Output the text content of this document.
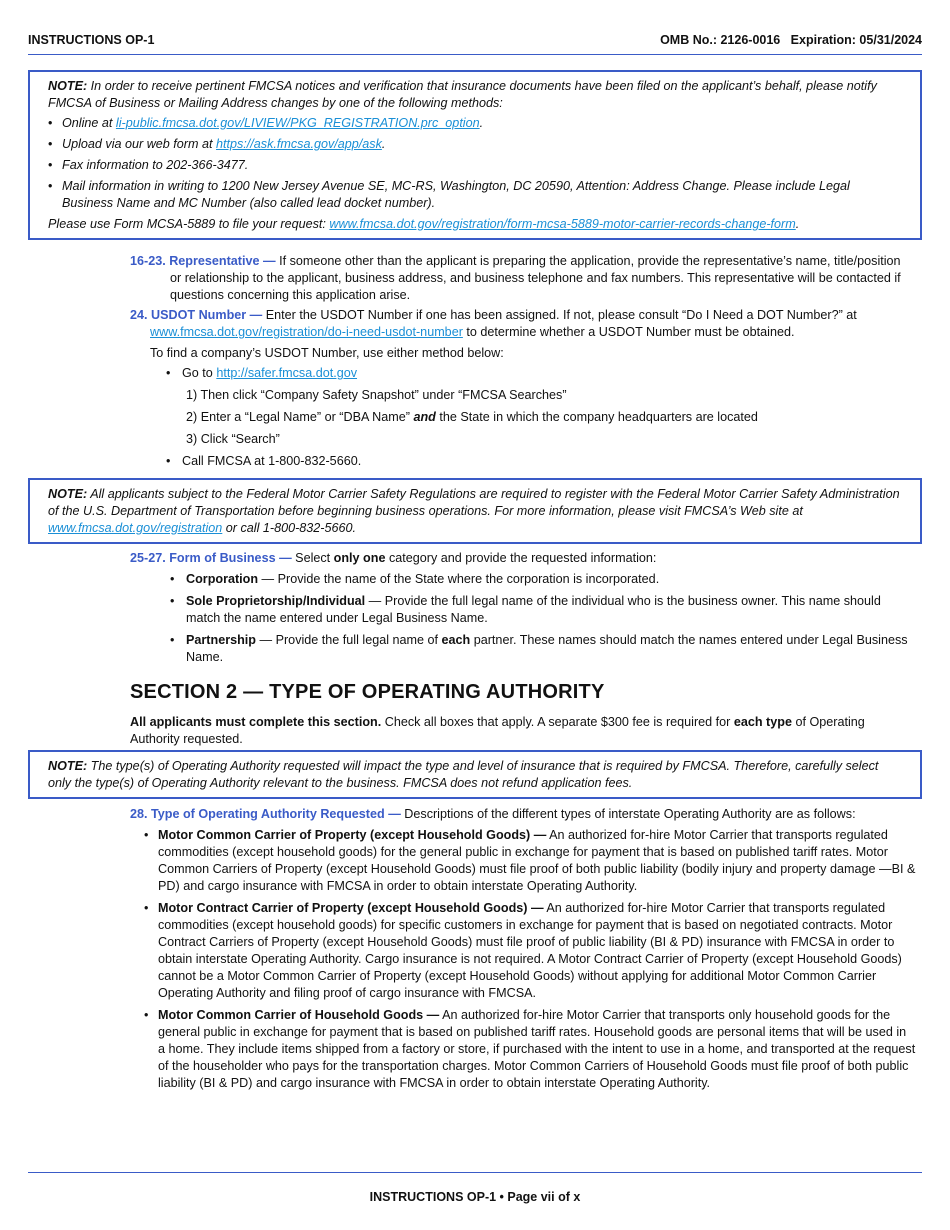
INSTRUCTIONS OP-1	OMB No.: 2126-0016   Expiration: 05/31/2024
NOTE: In order to receive pertinent FMCSA notices and verification that insurance documents have been filed on the applicant’s behalf, please notify FMCSA of Business or Mailing Address changes by one of the following methods:
• Online at li-public.fmcsa.dot.gov/LIVIEW/PKG_REGISTRATION.prc_option.
• Upload via our web form at https://ask.fmcsa.gov/app/ask.
• Fax information to 202-366-3477.
• Mail information in writing to 1200 New Jersey Avenue SE, MC-RS, Washington, DC 20590, Attention: Address Change. Please include Legal Business Name and MC Number (also called lead docket number).
Please use Form MCSA-5889 to file your request: www.fmcsa.dot.gov/registration/form-mcsa-5889-motor-carrier-records-change-form.
16-23. Representative — If someone other than the applicant is preparing the application, provide the representative’s name, title/position or relationship to the applicant, business address, and business telephone and fax numbers. This representative will be contacted if questions concerning this application arise.
24. USDOT Number — Enter the USDOT Number if one has been assigned. If not, please consult “Do I Need a DOT Number?” at www.fmcsa.dot.gov/registration/do-i-need-usdot-number to determine whether a USDOT Number must be obtained.
To find a company’s USDOT Number, use either method below:
• Go to http://safer.fmcsa.dot.gov
1) Then click “Company Safety Snapshot” under “FMCSA Searches”
2) Enter a “Legal Name” or “DBA Name” and the State in which the company headquarters are located
3) Click “Search”
• Call FMCSA at 1-800-832-5660.
NOTE: All applicants subject to the Federal Motor Carrier Safety Regulations are required to register with the Federal Motor Carrier Safety Administration of the U.S. Department of Transportation before beginning business operations. For more information, please visit FMCSA’s Web site at www.fmcsa.dot.gov/registration or call 1-800-832-5660.
25-27. Form of Business — Select only one category and provide the requested information:
• Corporation — Provide the name of the State where the corporation is incorporated.
• Sole Proprietorship/Individual — Provide the full legal name of the individual who is the business owner. This name should match the name entered under Legal Business Name.
• Partnership — Provide the full legal name of each partner. These names should match the names entered under Legal Business Name.
SECTION 2 — TYPE OF OPERATING AUTHORITY
All applicants must complete this section. Check all boxes that apply. A separate $300 fee is required for each type of Operating Authority requested.
NOTE: The type(s) of Operating Authority requested will impact the type and level of insurance that is required by FMCSA. Therefore, carefully select only the type(s) of Operating Authority relevant to the business. FMCSA does not refund application fees.
28. Type of Operating Authority Requested — Descriptions of the different types of interstate Operating Authority are as follows:
• Motor Common Carrier of Property (except Household Goods) — An authorized for-hire Motor Carrier that transports regulated commodities (except household goods) for the general public in exchange for payment that is based on published tariff rates. Motor Common Carriers of Property (except Household Goods) must file proof of both public liability (bodily injury and property damage —BI & PD) and cargo insurance with FMCSA in order to obtain interstate Operating Authority.
• Motor Contract Carrier of Property (except Household Goods) — An authorized for-hire Motor Carrier that transports regulated commodities (except household goods) for specific customers in exchange for payment that is based on negotiated contracts. Motor Contract Carriers of Property (except Household Goods) must file proof of public liability (BI & PD) insurance with FMCSA in order to obtain interstate Operating Authority. Cargo insurance is not required. A Motor Contract Carrier of Property (except Household Goods) cannot be a Motor Common Carrier of Property (except Household Goods) without applying for additional Motor Common Carrier Operating Authority and filing proof of cargo insurance with FMCSA.
• Motor Common Carrier of Household Goods — An authorized for-hire Motor Carrier that transports only household goods for the general public in exchange for payment that is based on published tariff rates. Household goods are personal items that will be used in a home. They include items shipped from a factory or store, if purchased with the intent to use in a home, and transported at the request of the householder who pays for the transportation charges. Motor Common Carriers of Household Goods must file proof of both public liability (BI & PD) and cargo insurance with FMCSA in order to obtain interstate Operating Authority.
INSTRUCTIONS OP-1 • Page vii of x
